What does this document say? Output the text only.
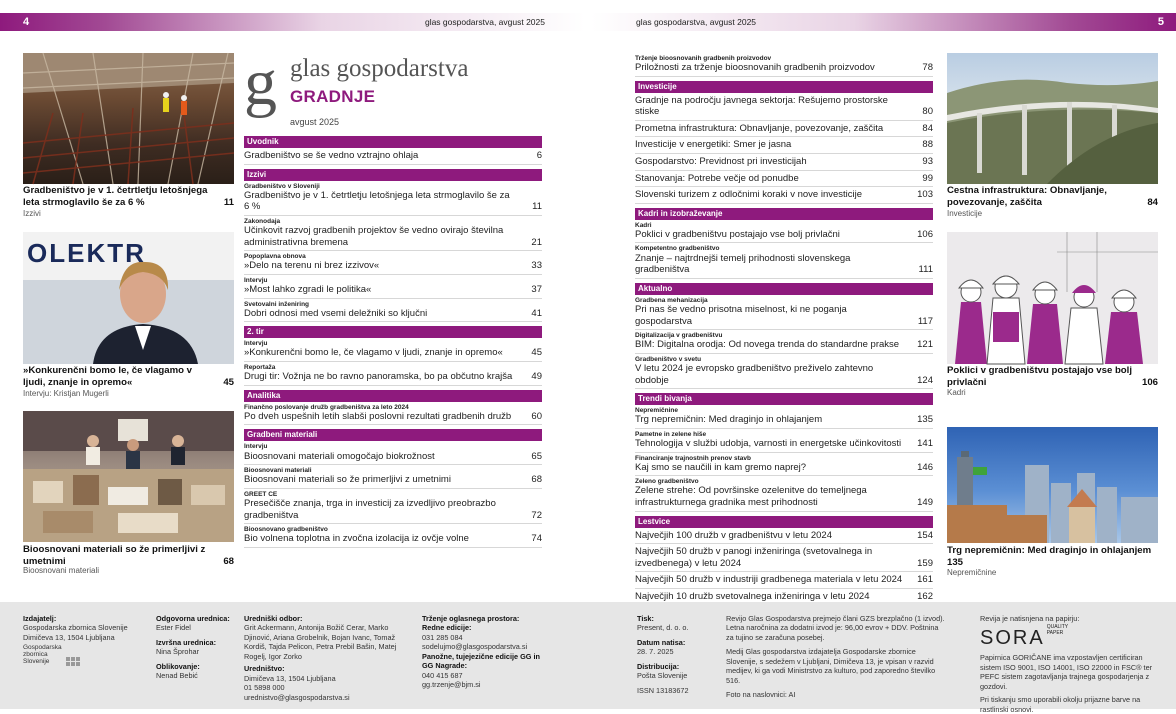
4	glas gospodarstva, avgust 2025	glas gospodarstva, avgust 2025	5
Gradbeništvo je v 1. četrtletju letošnjega leta strmoglavilo še za 6 %	11
Izzivi
OLEKTR
»Konkurenčni bomo le, če vlagamo v ljudi, znanje in opremo«	45
Intervju: Kristjan Mugerli
Bioosnovani materiali so že primerljivi z umetnimi	68
Bioosnovani materiali
g glas gospodarstva
GRADNJE
avgust 2025
Uvodnik
Gradbeništvo se še vedno vztrajno ohlaja	6
Izzivi
Gradbeništvo v Sloveniji
Gradbeništvo je v 1. četrtletju letošnjega leta strmoglavilo še za 6 %	11
Zakonodaja
Učinkovit razvoj gradbenih projektov še vedno ovirajo številna administrativna bremena	21
Popoplavna obnova
»Delo na terenu ni brez izzivov«	33
Intervju
»Most lahko zgradi le politika«	37
Svetovalni inženiring
Dobri odnosi med vsemi deležniki so ključni	41
2. tir
Intervju
»Konkurenčni bomo le, če vlagamo v ljudi, znanje in opremo«	45
Reportaža
Drugi tir: Vožnja ne bo ravno panoramska, bo pa občutno krajša	49
Analitika
Finančno poslovanje družb gradbeništva za leto 2024
Po dveh uspešnih letih slabši poslovni rezultati gradbenih družb	60
Gradbeni materiali
Intervju
Bioosnovani materiali omogočajo biokrožnost	65
Bioosnovani materiali
Bioosnovani materiali so že primerljivi z umetnimi	68
GREET CE
Presečišče znanja, trga in investicij za izvedljivo preobrazbo gradbeništva	72
Bioosnovano gradbeništvo
Bio volnena toplotna in zvočna izolacija iz ovčje volne	74
Trženje bioosnovanih gradbenih proizvodov
Priložnosti za trženje bioosnovanih gradbenih proizvodov	78
Investicije
Gradnje na področju javnega sektorja: Rešujemo prostorske stiske	80
Prometna infrastruktura: Obnavljanje, povezovanje, zaščita	84
Investicije v energetiki: Smer je jasna	88
Gospodarstvo: Previdnost pri investicijah	93
Stanovanja: Potrebe večje od ponudbe	99
Slovenski turizem z odločnimi koraki v nove investicije	103
Kadri in izobraževanje
Kadri
Poklici v gradbeništvu postajajo vse bolj privlačni	106
Kompetentno gradbeništvo
Znanje – najtrdnejši temelj prihodnosti slovenskega gradbeništva	111
Aktualno
Gradbena mehanizacija
Pri nas še vedno prisotna miselnost, ki ne poganja gospodarstva	117
Digitalizacija v gradbeništvu
BIM: Digitalna orodja: Od novega trenda do standardne prakse	121
Gradbeništvo v svetu
V letu 2024 je evropsko gradbeništvo preživelo zahtevno obdobje	124
Trendi bivanja
Nepremičnine
Trg nepremičnin: Med draginjo in ohlajanjem	135
Pametne in zelene hiše
Tehnologija v službi udobja, varnosti in energetske učinkovitosti	141
Financiranje trajnostnih prenov stavb
Kaj smo se naučili in kam gremo naprej?	146
Zeleno gradbeništvo
Zelene strehe: Od površinske ozelenitve do temeljnega infrastrukturnega gradnika mest prihodnosti	149
Lestvice
Največjih 100 družb v gradbeništvu v letu 2024	154
Največjih 50 družb v panogi inženiringa (svetovalnega in izvedbenega) v letu 2024	159
Največjih 50 družb v industriji gradbenega materiala v letu 2024	161
Največjih 10 družb svetovalnega inženiringa v letu 2024	162
Cestna infrastruktura: Obnavljanje, povezovanje, zaščita	84
Investicije
Poklici v gradbeništvu postajajo vse bolj privlačni	106
Kadri
Trg nepremičnin: Med draginjo in ohlajanjem
135
Nepremičnine
Izdajatelj:
Gospodarska zbornica Slovenije
Dimičeva 13, 1504 Ljubljana
Gospodarska
zbornica
Slovenije
Odgovorna urednica:
Ester Fidel
Izvršna urednica:
Nina Šprohar
Oblikovanje:
Nenad Bebić
Uredniški odbor:
Grit Ackermann, Antonija Božič Cerar, Marko Djinović, Ariana Grobelnik, Bojan Ivanc, Tomaž Kordiš, Tajda Pelicon, Petra Prebil Bašin, Matej Rogelj, Igor Zorko
Uredništvo:
Dimičeva 13, 1504 Ljubljana
01 5898 000
urednistvo@glasgospodarstva.si
Trženje oglasnega prostora:
Redne edicije:
031 285 084
sodelujmo@glasgospodarstva.si
Panožne, tujejezične edicije GG in GG Nagrade:
040 415 687
gg.trzenje@bjm.si
Tisk:
Present, d. o. o.
Datum natisa:
28. 7. 2025
Distribucija:
Pošta Slovenije
ISSN 13183672
Revijo Glas Gospodarstva prejmejo člani GZS brezplačno (1 izvod). Letna naročnina za dodatni izvod je: 96,00 evrov + DDV. Poštnina za tujino se zaračuna posebej.
Medij Glas gospodarstva izdajatelja Gospodarske zbornice Slovenije, s sedežem v Ljubljani, Dimičeva 13, je vpisan v razvid medijev, ki ga vodi Ministrstvo za kulturo, pod zaporedno številko 516.
Foto na naslovnici: AI
Revija je natisnjena na papirju:
SORA QUALITY PAPER
Papirnica GORIČANE ima vzpostavljen certificiran sistem ISO 9001, ISO 14001, ISO 22000 in FSC® ter PEFC sistem zagotavljanja trajnega gospodarjenja z gozdovi.
Pri tiskanju smo uporabili okolju prijazne barve na rastlinski osnovi.
